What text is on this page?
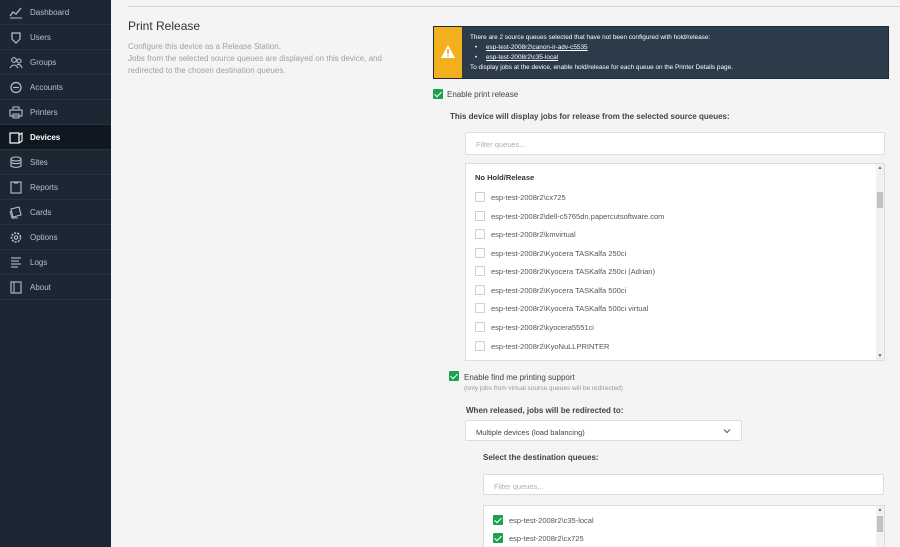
Dashboard
Users
Groups
Accounts
Printers
Devices
Sites
Reports
Cards
Options
Logs
About
Print Release
Configure this device as a Release Station.
Jobs from the selected source queues are displayed on this device, and
redirected to the chosen destination queues.
There are 2 source queues selected that have not been configured with hold/release:
• esp-test-2008r2\canon-ir-adv-c5535
• esp-test-2008r2\c35-local
To display jobs at the device, enable hold/release for each queue on the Printer Details page.
Enable print release
This device will display jobs for release from the selected source queues:
Filter queues...
No Hold/Release
esp-test-2008r2\cx725
esp-test-2008r2\dell-c5765dn.papercutsoftware.com
esp-test-2008r2\kmvirtual
esp-test-2008r2\Kyocera TASKalfa 250ci
esp-test-2008r2\Kyocera TASKalfa 250ci (Adrian)
esp-test-2008r2\Kyocera TASKalfa 500ci
esp-test-2008r2\Kyocera TASKalfa 500ci virtual
esp-test-2008r2\kyocera5551ci
esp-test-2008r2\KyoNuLLPRINTER
▲
▼
Enable find me printing support
(only jobs from virtual source queues will be redirected)
When released, jobs will be redirected to:
Multiple devices (load balancing)
Select the destination queues:
Filter queues...
esp-test-2008r2\c35-local
esp-test-2008r2\cx725
▲
